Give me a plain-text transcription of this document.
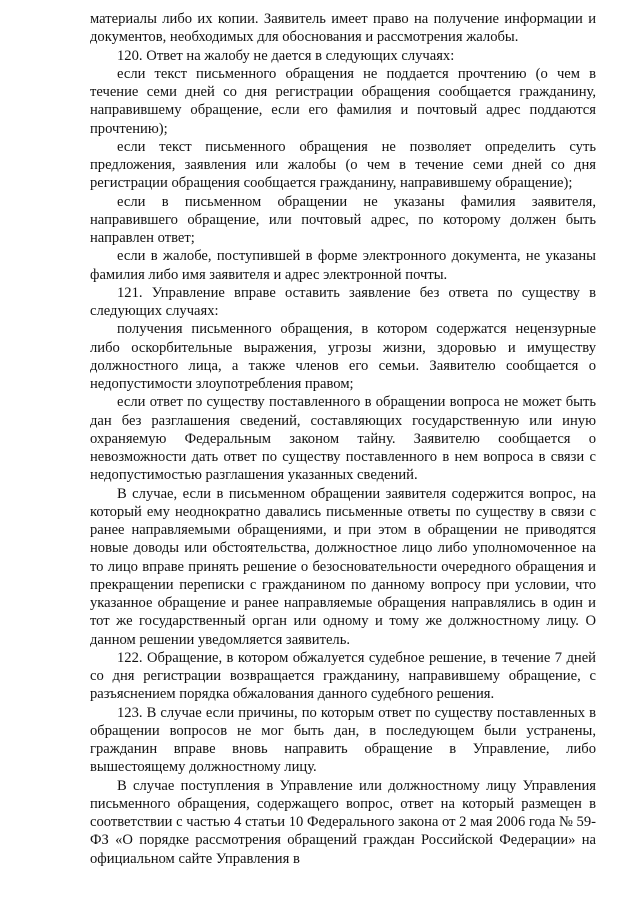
материалы либо их копии. Заявитель имеет право на получение информации и документов, необходимых для обоснования и рассмотрения жалобы.

120. Ответ на жалобу не дается в следующих случаях:

если текст письменного обращения не поддается прочтению (о чем в течение семи дней со дня регистрации обращения сообщается гражданину, направившему обращение, если его фамилия и почтовый адрес поддаются прочтению);

если текст письменного обращения не позволяет определить суть предложения, заявления или жалобы (о чем в течение семи дней со дня регистрации обращения сообщается гражданину, направившему обращение);

если в письменном обращении не указаны фамилия заявителя, направившего обращение, или почтовый адрес, по которому должен быть направлен ответ;

если в жалобе, поступившей в форме электронного документа, не указаны фамилия либо имя заявителя и адрес электронной почты.

121. Управление вправе оставить заявление без ответа по существу в следующих случаях:

получения письменного обращения, в котором содержатся нецензурные либо оскорбительные выражения, угрозы жизни, здоровью и имуществу должностного лица, а также членов его семьи. Заявителю сообщается о недопустимости злоупотребления правом;

если ответ по существу поставленного в обращении вопроса не может быть дан без разглашения сведений, составляющих государственную или иную охраняемую Федеральным законом тайну. Заявителю сообщается о невозможности дать ответ по существу поставленного в нем вопроса в связи с недопустимостью разглашения указанных сведений.

В случае, если в письменном обращении заявителя содержится вопрос, на который ему неоднократно давались письменные ответы по существу в связи с ранее направляемыми обращениями, и при этом в обращении не приводятся новые доводы или обстоятельства, должностное лицо либо уполномоченное на то лицо вправе принять решение о безосновательности очередного обращения и прекращении переписки с гражданином по данному вопросу при условии, что указанное обращение и ранее направляемые обращения направлялись в один и тот же государственный орган или одному и тому же должностному лицу. О данном решении уведомляется заявитель.

122. Обращение, в котором обжалуется судебное решение, в течение 7 дней со дня регистрации возвращается гражданину, направившему обращение, с разъяснением порядка обжалования данного судебного решения.

123. В случае если причины, по которым ответ по существу поставленных в обращении вопросов не мог быть дан, в последующем были устранены, гражданин вправе вновь направить обращение в Управление, либо вышестоящему должностному лицу.

В случае поступления в Управление или должностному лицу Управления письменного обращения, содержащего вопрос, ответ на который размещен в соответствии с частью 4 статьи 10 Федерального закона от 2 мая 2006 года № 59-ФЗ «О порядке рассмотрения обращений граждан Российской Федерации» на официальном сайте Управления в
